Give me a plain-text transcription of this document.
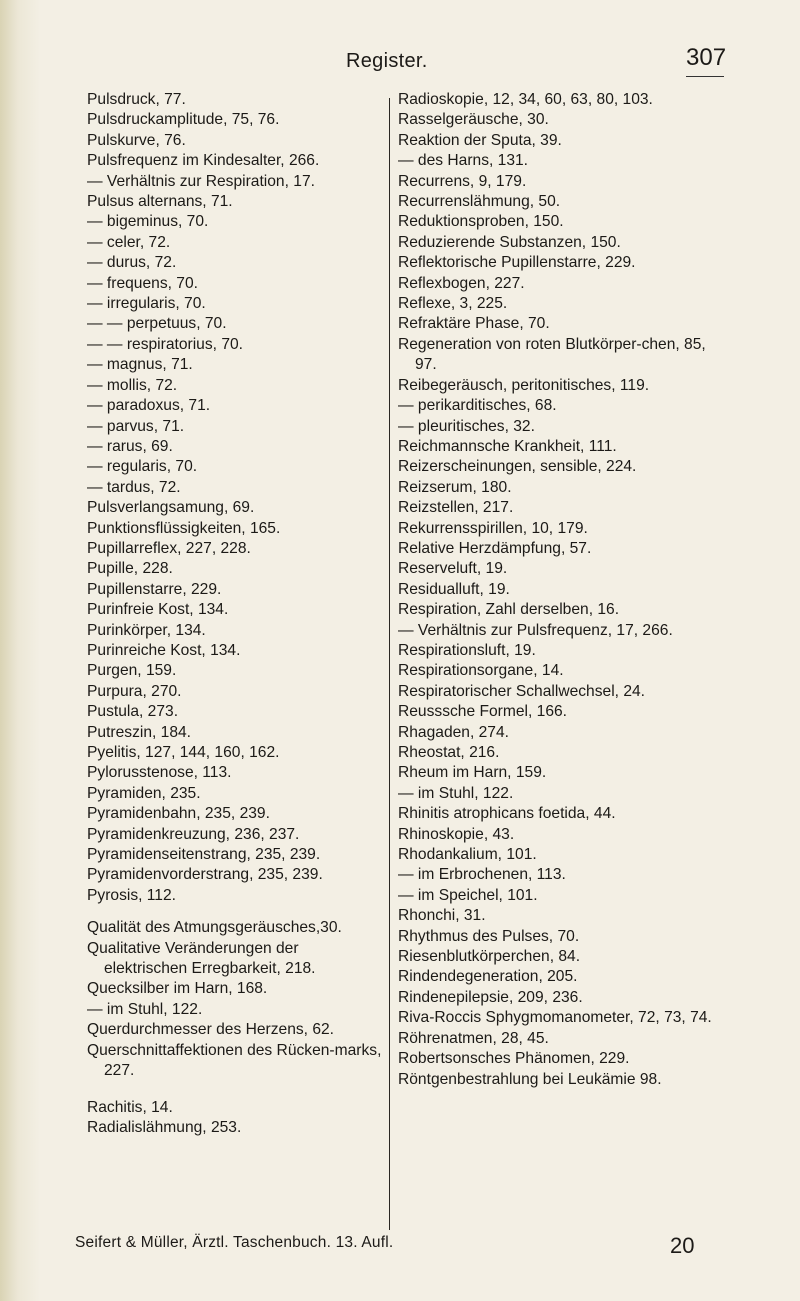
Register.	307
Pulsdruck, 77.
Pulsdruckamplitude, 75, 76.
Pulskurve, 76.
Pulsfrequenz im Kindesalter, 266.
— Verhältnis zur Respiration, 17.
Pulsus alternans, 71.
— bigeminus, 70.
— celer, 72.
— durus, 72.
— frequens, 70.
— irregularis, 70.
— — perpetuus, 70.
— — respiratorius, 70.
— magnus, 71.
— mollis, 72.
— paradoxus, 71.
— parvus, 71.
— rarus, 69.
— regularis, 70.
— tardus, 72.
Pulsverlangsamung, 69.
Punktionsflüssigkeiten, 165.
Pupillarreflex, 227, 228.
Pupille, 228.
Pupillenstarre, 229.
Purinfreie Kost, 134.
Purinkörper, 134.
Purinreiche Kost, 134.
Purgen, 159.
Purpura, 270.
Pustula, 273.
Putreszin, 184.
Pyelitis, 127, 144, 160, 162.
Pylorusstenose, 113.
Pyramiden, 235.
Pyramidenbahn, 235, 239.
Pyramidenkreuzung, 236, 237.
Pyramidenseitenstrang, 235, 239.
Pyramidenvorderstrang, 235, 239.
Pyrosis, 112.
Qualität des Atmungsgeräusches,30.
Qualitative Veränderungen der elektrischen Erregbarkeit, 218.
Quecksilber im Harn, 168.
— im Stuhl, 122.
Querdurchmesser des Herzens, 62.
Querschnittaffektionen des Rücken-marks, 227.
Rachitis, 14.
Radialislähmung, 253.
Radioskopie, 12, 34, 60, 63, 80, 103.
Rasselgeräusche, 30.
Reaktion der Sputa, 39.
— des Harns, 131.
Recurrens, 9, 179.
Recurrenslähmung, 50.
Reduktionsproben, 150.
Reduzierende Substanzen, 150.
Reflektorische Pupillenstarre, 229.
Reflexbogen, 227.
Reflexe, 3, 225.
Refraktäre Phase, 70.
Regeneration von roten Blutkörper-chen, 85, 97.
Reibegeräusch, peritonitisches, 119.
— perikarditisches, 68.
— pleuritisches, 32.
Reichmannsche Krankheit, 111.
Reizerscheinungen, sensible, 224.
Reizserum, 180.
Reizstellen, 217.
Rekurrensspirillen, 10, 179.
Relative Herzdämpfung, 57.
Reserveluft, 19.
Residualluft, 19.
Respiration, Zahl derselben, 16.
— Verhältnis zur Pulsfrequenz, 17, 266.
Respirationsluft, 19.
Respirationsorgane, 14.
Respiratorischer Schallwechsel, 24.
Reusssche Formel, 166.
Rhagaden, 274.
Rheostat, 216.
Rheum im Harn, 159.
— im Stuhl, 122.
Rhinitis atrophicans foetida, 44.
Rhinoskopie, 43.
Rhodankalium, 101.
— im Erbrochenen, 113.
— im Speichel, 101.
Rhonchi, 31.
Rhythmus des Pulses, 70.
Riesenblutkörperchen, 84.
Rindendegeneration, 205.
Rindenepilepsie, 209, 236.
Riva-Roccis Sphygmomanometer, 72, 73, 74.
Röhrenatmen, 28, 45.
Robertsonsches Phänomen, 229.
Röntgenbestrahlung bei Leukämie 98.
Seifert & Müller, Ärztl. Taschenbuch. 13. Aufl.	20
